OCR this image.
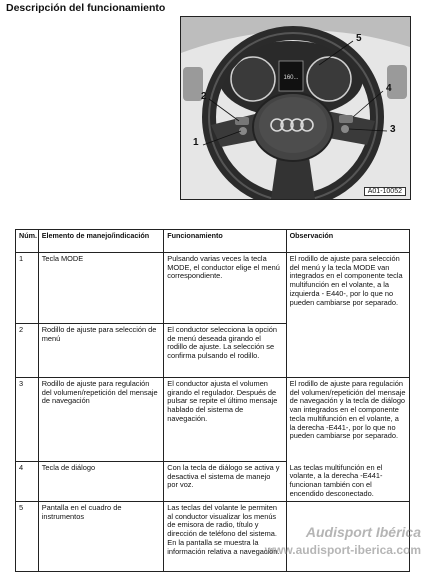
Descripción del funcionamiento
160...
5
2
4
1
3
A01-10052
Núm.	Elemento de manejo/indicación	Funcionamiento	Observación
1	Tecla MODE	Pulsando varias veces la tecla MODE, el conductor elige el menú correspondiente.	El rodillo de ajuste para selección del menú y la tecla MODE van integrados en el componente tecla multifunción en el volante, a la izquierda - E440-, por lo que no pueden cambiarse por separado.
2	Rodillo de ajuste para selección de menú	El conductor selecciona la opción de menú deseada girando el rodillo de ajuste. La selección se confirma pulsando el rodillo.	
3	Rodillo de ajuste para regulación del volumen/repetición del mensaje de navegación	El conductor ajusta el volumen girando el regulador. Después de pulsar se repite el último mensaje hablado del sistema de navegación.	El rodillo de ajuste para regulación del volumen/repetición del mensaje de navegación y la tecla de diálogo van integrados en el componente tecla multifunción en el volante, a la derecha -E441-, por lo que no pueden cambiarse por separado.
4	Tecla de diálogo	Con la tecla de diálogo se activa y desactiva el sistema de manejo por voz.	Las teclas multifunción en el volante, a la derecha -E441- funcionan también con el encendido desconectado.
5	Pantalla en el cuadro de instrumentos	Las teclas del volante le permiten al conductor visualizar los menús de emisora de radio, título y dirección de teléfono del sistema. En la pantalla se muestra la información relativa a navegación.	
Audisport Ibérica
www.audisport-iberica.com
